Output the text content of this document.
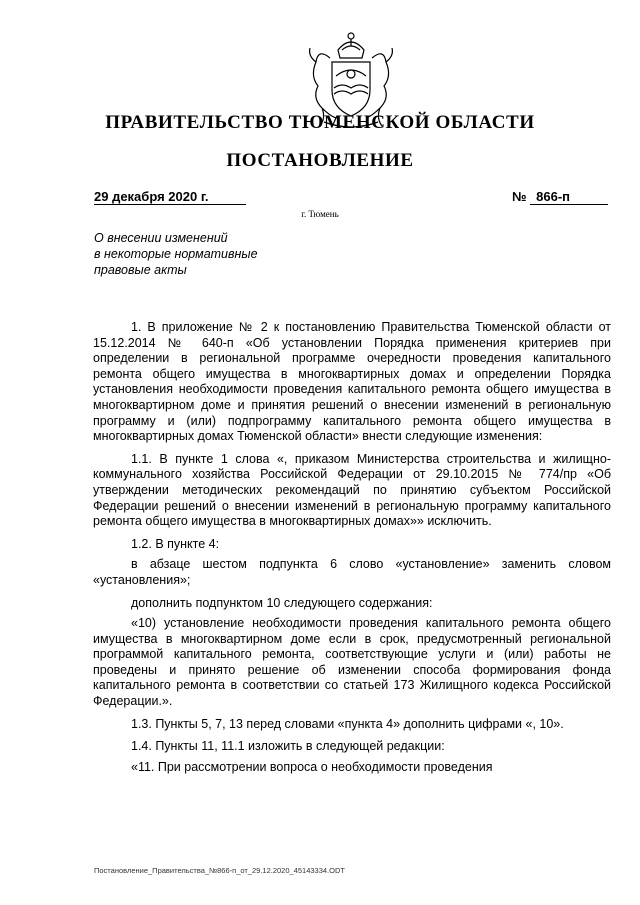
ПРАВИТЕЛЬСТВО ТЮМЕНСКОЙ ОБЛАСТИ
ПОСТАНОВЛЕНИЕ
29 декабря 2020 г.	№ 866-п
г. Тюмень
О внесении изменений
в некоторые нормативные
правовые акты

1. В приложение № 2 к постановлению Правительства Тюменской области от 15.12.2014 № 640-п «Об установлении Порядка применения критериев при определении в региональной программе очередности проведения капитального ремонта общего имущества в многоквартирных домах и определении Порядка установления необходимости проведения капитального ремонта общего имущества в многоквартирном доме и принятия решений о внесении изменений в региональную программу и (или) подпрограмму капитального ремонта общего имущества в многоквартирных домах Тюменской области» внести следующие изменения:

1.1. В пункте 1 слова «, приказом Министерства строительства и жилищно-коммунального хозяйства Российской Федерации от 29.10.2015 № 774/пр «Об утверждении методических рекомендаций по принятию субъектом Российской Федерации решений о внесении изменений в региональную программу капитального ремонта общего имущества в многоквартирных домах»» исключить.

1.2. В пункте 4:

в абзаце шестом подпункта 6 слово «установление» заменить словом «установления»;

дополнить подпунктом 10 следующего содержания:

«10) установление необходимости проведения капитального ремонта общего имущества в многоквартирном доме если в срок, предусмотренный региональной программой капитального ремонта, соответствующие услуги и (или) работы не проведены и принято решение об изменении способа формирования фонда капитального ремонта в соответствии со статьей 173 Жилищного кодекса Российской Федерации.».

1.3. Пункты 5, 7, 13 перед словами «пункта 4» дополнить цифрами «, 10».

1.4. Пункты 11, 11.1 изложить в следующей редакции:

«11. При рассмотрении вопроса о необходимости проведения

Постановление_Правительства_№866-п_от_29.12.2020_45143334.ODT
